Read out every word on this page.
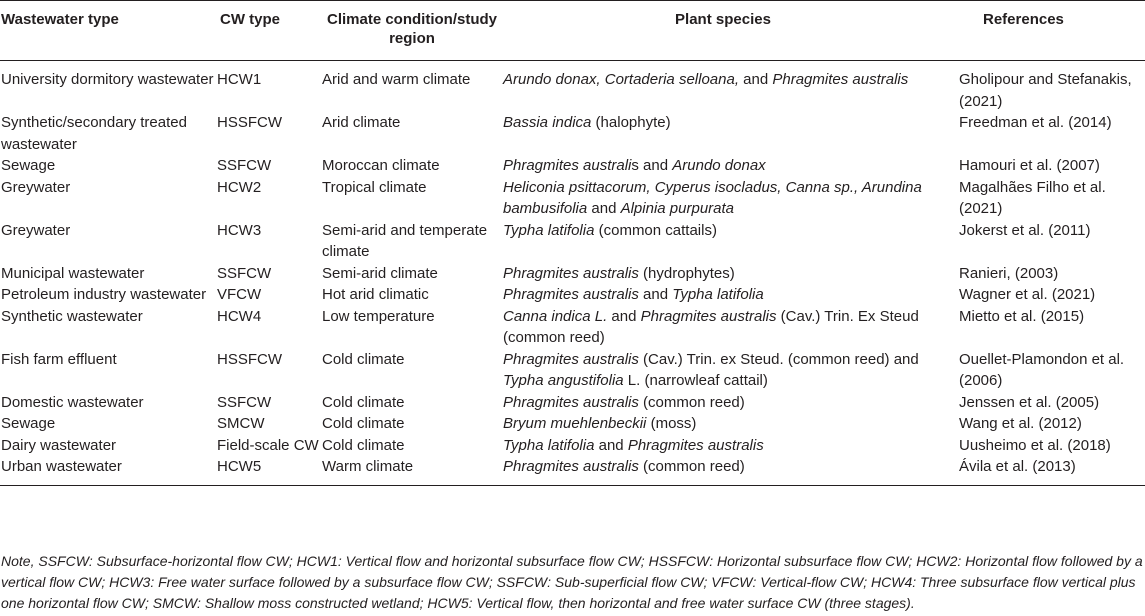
Wastewater type	CW type	Climate condition/study region	Plant species	References
University dormitory wastewater	HCW1	Arid and warm climate	Arundo donax, Cortaderia selloana, and Phragmites australis	Gholipour and Stefanakis, (2021)
Synthetic/secondary treated wastewater	HSSFCW	Arid climate	Bassia indica (halophyte)	Freedman et al. (2014)
Sewage	SSFCW	Moroccan climate	Phragmites australis and Arundo donax	Hamouri et al. (2007)
Greywater	HCW2	Tropical climate	Heliconia psittacorum, Cyperus isocladus, Canna sp., Arundina bambusifolia and Alpinia purpurata	Magalhães Filho et al. (2021)
Greywater	HCW3	Semi-arid and temperate climate	Typha latifolia (common cattails)	Jokerst et al. (2011)
Municipal wastewater	SSFCW	Semi-arid climate	Phragmites australis (hydrophytes)	Ranieri, (2003)
Petroleum industry wastewater	VFCW	Hot arid climatic	Phragmites australis and Typha latifolia	Wagner et al. (2021)
Synthetic wastewater	HCW4	Low temperature	Canna indica L. and Phragmites australis (Cav.) Trin. Ex Steud (common reed)	Mietto et al. (2015)
Fish farm effluent	HSSFCW	Cold climate	Phragmites australis (Cav.) Trin. ex Steud. (common reed) and Typha angustifolia L. (narrowleaf cattail)	Ouellet-Plamondon et al. (2006)
Domestic wastewater	SSFCW	Cold climate	Phragmites australis (common reed)	Jenssen et al. (2005)
Sewage	SMCW	Cold climate	Bryum muehlenbeckii (moss)	Wang et al. (2012)
Dairy wastewater	Field-scale CW	Cold climate	Typha latifolia and Phragmites australis	Uusheimo et al. (2018)
Urban wastewater	HCW5	Warm climate	Phragmites australis (common reed)	Ávila et al. (2013)
Note, SSFCW: Subsurface-horizontal flow CW; HCW1: Vertical flow and horizontal subsurface flow CW; HSSFCW: Horizontal subsurface flow CW; HCW2: Horizontal flow followed by a vertical flow CW; HCW3: Free water surface followed by a subsurface flow CW; SSFCW: Sub-superficial flow CW; VFCW: Vertical-flow CW; HCW4: Three subsurface flow vertical plus one horizontal flow CW; SMCW: Shallow moss constructed wetland; HCW5: Vertical flow, then horizontal and free water surface CW (three stages).
